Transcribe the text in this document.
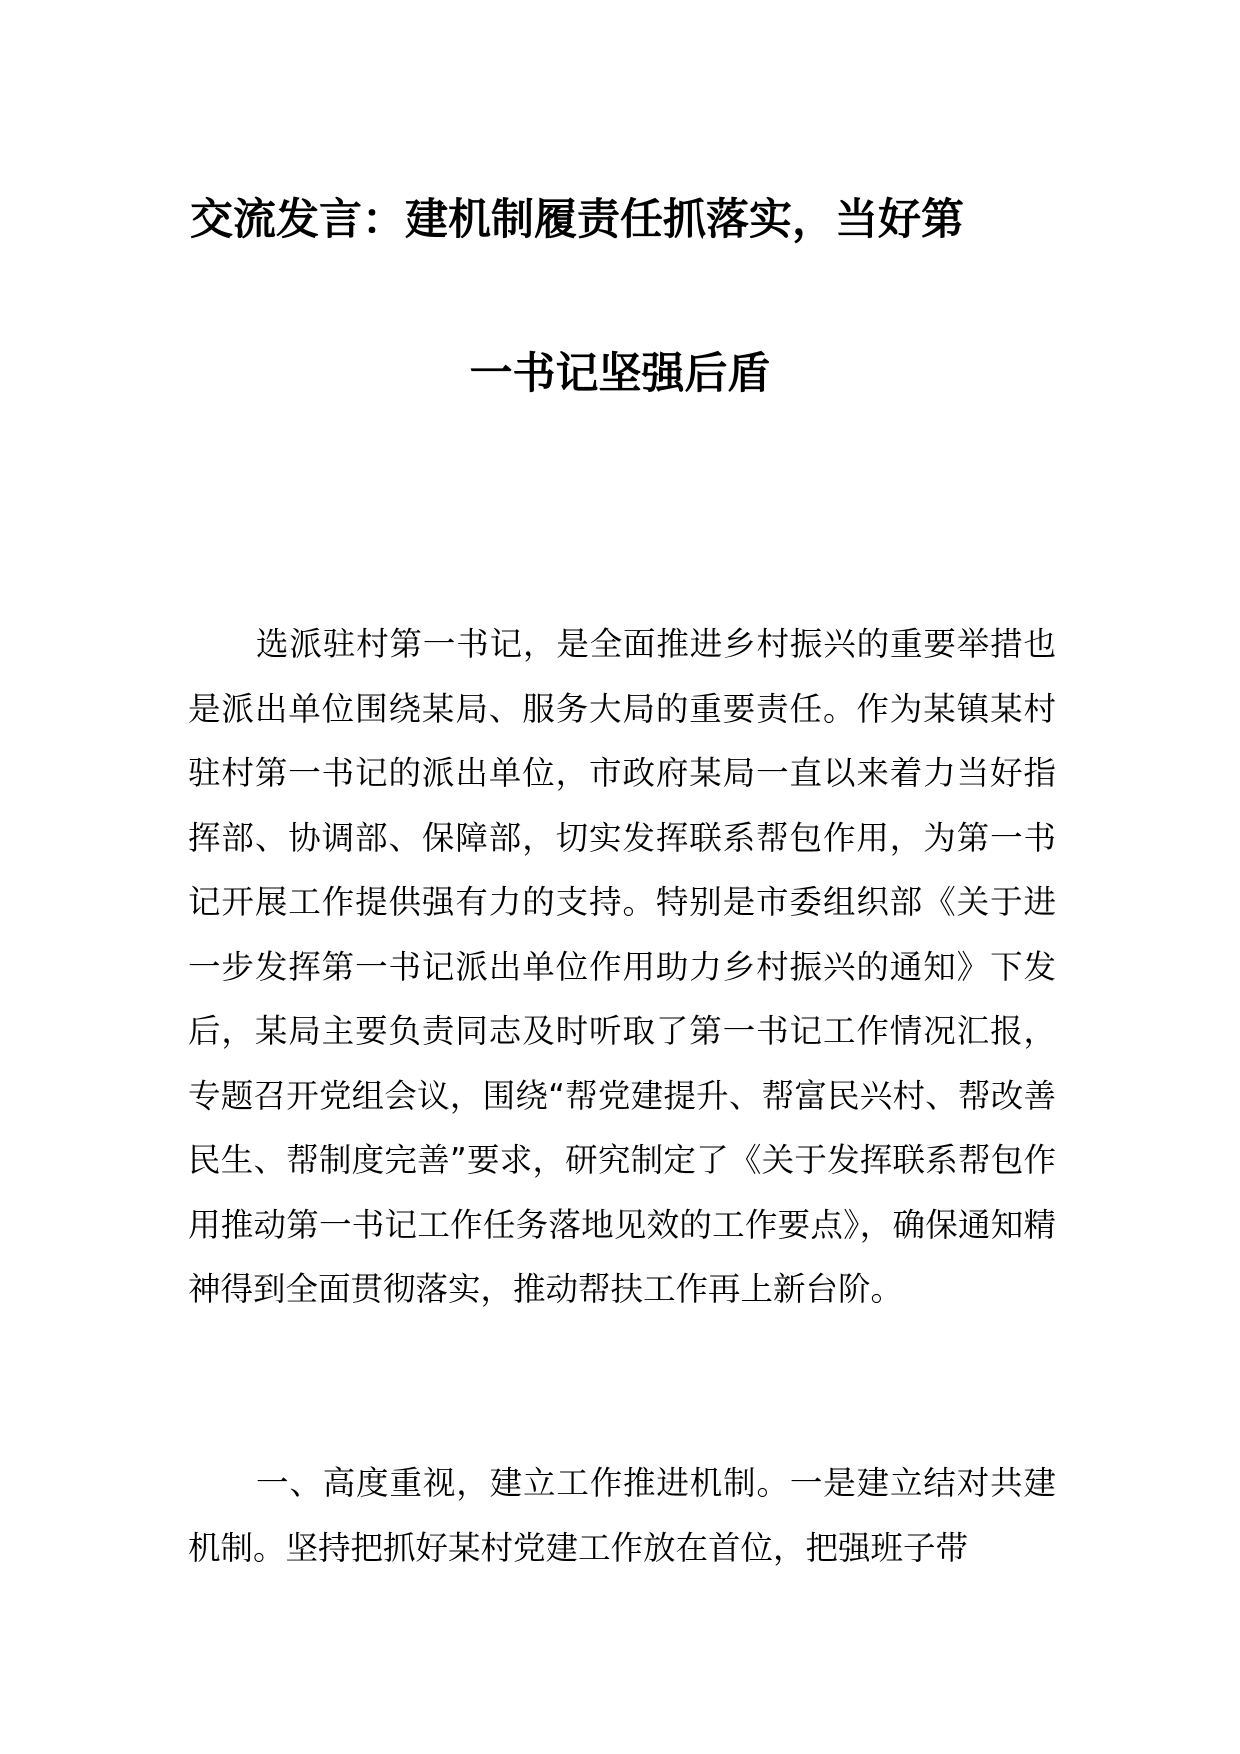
交流发言：建机制履责任抓落实，当好第
一书记坚强后盾

选派驻村第一书记，是全面推进乡村振兴的重要举措也是派出单位围绕某局、服务大局的重要责任。作为某镇某村驻村第一书记的派出单位，市政府某局一直以来着力当好指挥部、协调部、保障部，切实发挥联系帮包作用，为第一书记开展工作提供强有力的支持。特别是市委组织部《关于进一步发挥第一书记派出单位作用助力乡村振兴的通知》下发后，某局主要负责同志及时听取了第一书记工作情况汇报，专题召开党组会议，围绕“帮党建提升、帮富民兴村、帮改善民生、帮制度完善”要求，研究制定了《关于发挥联系帮包作用推动第一书记工作任务落地见效的工作要点》，确保通知精神得到全面贯彻落实，推动帮扶工作再上新台阶。

一、高度重视，建立工作推进机制。一是建立结对共建机制。坚持把抓好某村党建工作放在首位，把强班子带
